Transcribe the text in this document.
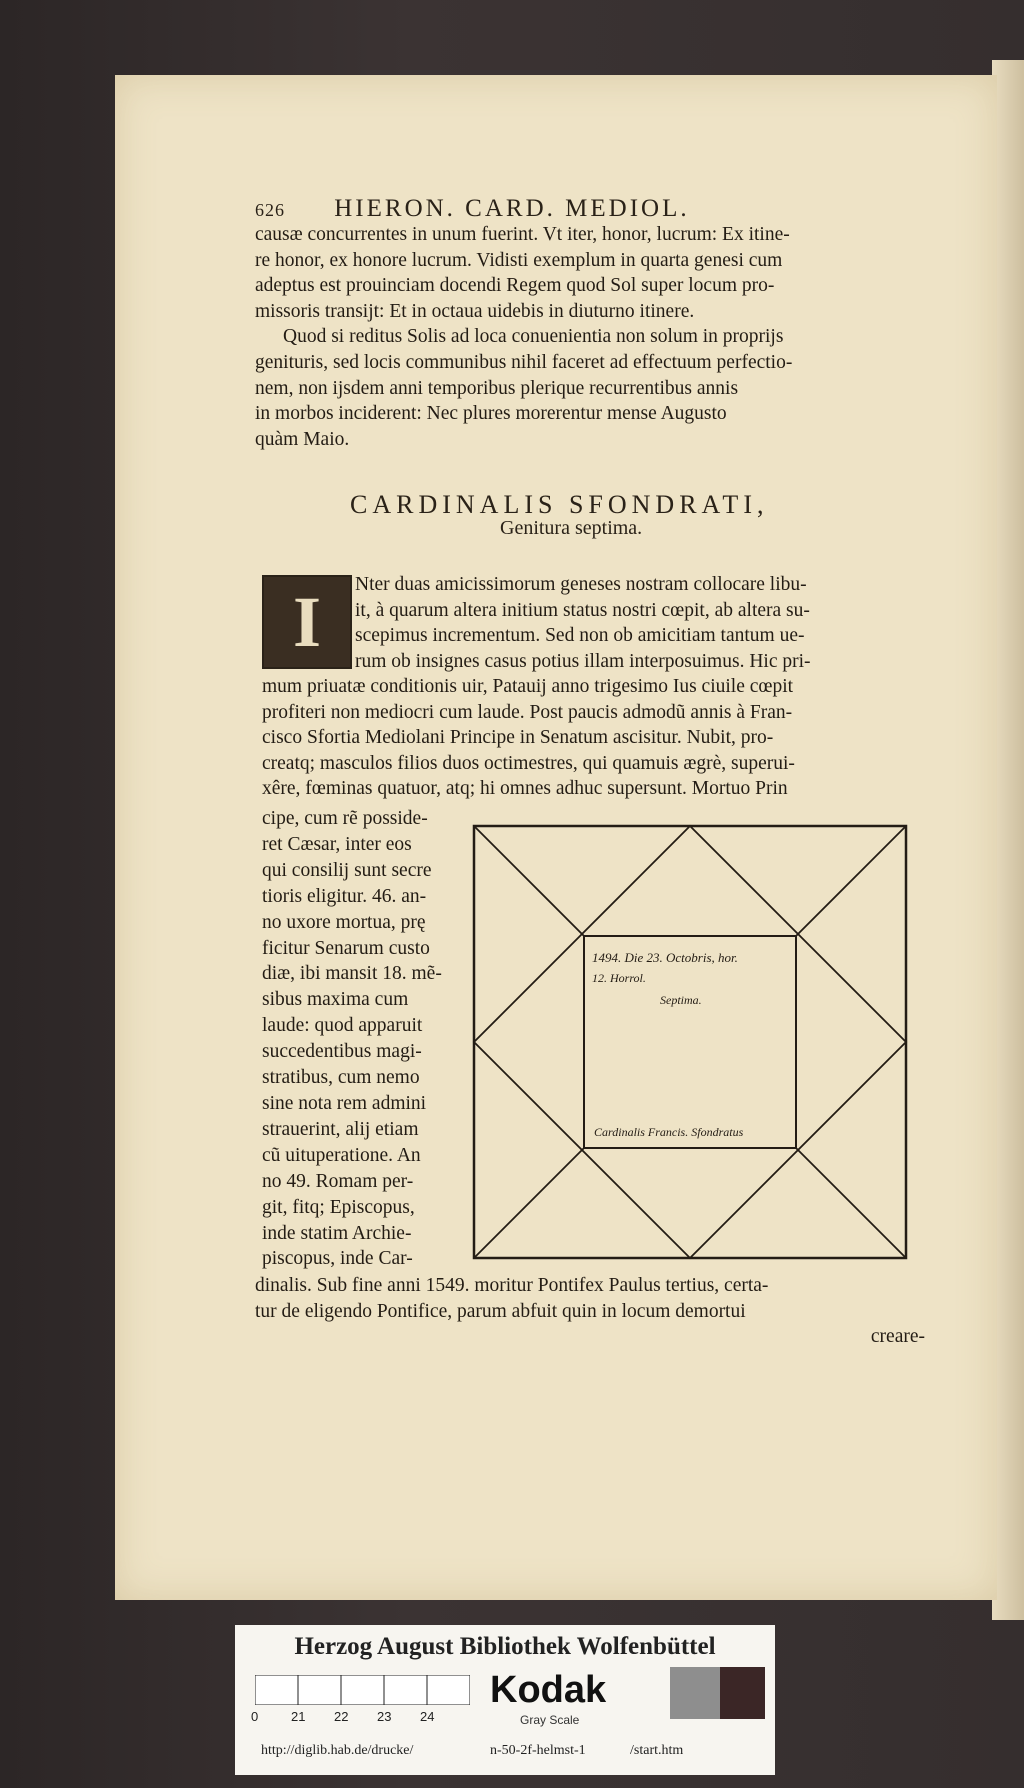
626 HIERON. CARD. MEDIOL.

causæ concurrentes in unum fuerint. Vt iter, honor, lucrum: Ex itine-
re honor, ex honore lucrum. Vidisti exemplum in quarta genesi cum
adeptus est prouinciam docendi Regem quod Sol super locum pro-
missoris transijt: Et in octaua uidebis in diuturno itinere.
Quod si reditus Solis ad loca conuenientia non solum in proprijs
genituris, sed locis communibus nihil faceret ad effectuum perfectio-
nem, non ijsdem anni temporibus plerique recurrentibus annis
in morbos inciderent: Nec plures morerentur mense Augusto
quàm Maio.

CARDINALIS SFONDRATI,
Genitura septima.
I	Nter duas amicissimorum geneses nostram collocare libu-
it, à quarum altera initium status nostri cœpit, ab altera su-
scepimus incrementum. Sed non ob amicitiam tantum ue-
rum ob insignes casus potius illam interposuimus. Hic pri-

mum priuatæ conditionis uir, Patauij anno trigesimo Ius ciuile cœpit
profiteri non mediocri cum laude. Post paucis admodũ annis à Fran-
cisco Sfortia Mediolani Principe in Senatum ascisitur. Nubit, pro-
creatq; masculos filios duos octimestres, qui quamuis ægrè, superui-
xêre, fœminas quatuor, atq; hi omnes adhuc supersunt. Mortuo Prin

cipe, cum rẽ posside-
ret Cæsar, inter eos
qui consilij sunt secre
tioris eligitur. 46. an-
no uxore mortua, prę
ficitur Senarum custo
diæ, ibi mansit 18. mẽ-
sibus maxima cum
laude: quod apparuit
succedentibus magi-
stratibus, cum nemo
sine nota rem admini
strauerint, alij etiam
cũ uituperatione. An
no 49. Romam per-
git, fitq; Episcopus,
inde statim Archie-
piscopus, inde Car-

1494. Die 23. Octobris, hor.
12. Horrol.
Septima.
Cardinalis Francis. Sfondratus

dinalis. Sub fine anni 1549. moritur Pontifex Paulus tertius, certa-
tur de eligendo Pontifice, parum abfuit quin in locum demortui
creare-

Herzog August Bibliothek Wolfenbüttel
0	21 22 23 24
Kodak
Gray Scale
http://diglib.hab.de/drucke/	n-50-2f-helmst-1	/start.htm
